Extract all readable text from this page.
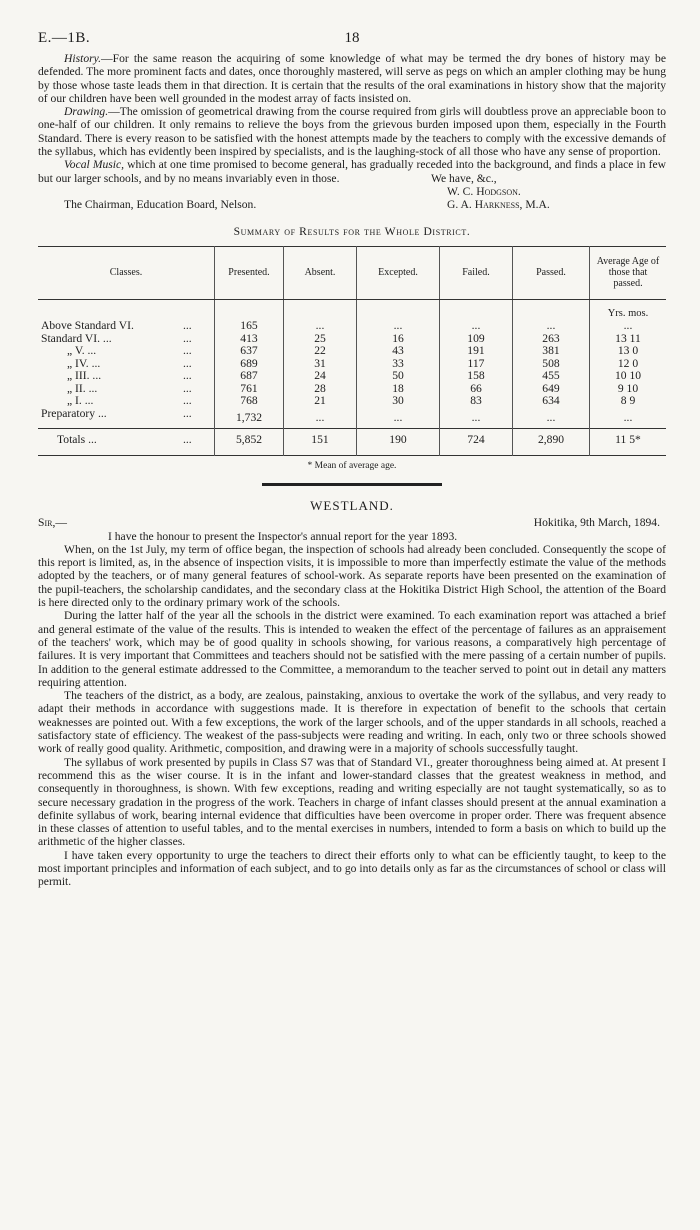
E.—1B.	18

History.—For the same reason the acquiring of some knowledge of what may be termed the dry bones of history may be defended. The more prominent facts and dates, once thoroughly mastered, will serve as pegs on which an ampler clothing may be hung by those whose taste leads them in that direction. It is certain that the results of the oral examinations in history show that the majority of our children have been well grounded in the modest array of facts insisted on.

Drawing.—The omission of geometrical drawing from the course required from girls will doubtless prove an appreciable boon to one-half of our children. It only remains to relieve the boys from the grievous burden imposed upon them, especially in the Fourth Standard. There is every reason to be satisfied with the honest attempts made by the teachers to comply with the excessive demands of the syllabus, which has evidently been inspired by specialists, and is the laughing-stock of all those who have any sense of proportion.

Vocal Music, which at one time promised to become general, has gradually receded into the background, and finds a place in few but our larger schools, and by no means invariably even in those.	We have, &c.,
W. C. Hodgson.
The Chairman, Education Board, Nelson.	G. A. Harkness, M.A.
Summary of Results for the Whole District.
Classes.	Presented.	Absent.	Excepted.	Failed.	Passed.	Average Age of those that passed.

						Yrs. mos.
Above Standard VI. ...	165	...	...	...	...	...
Standard VI. ... ...	413	25	16	109	263	13 11
„ V. ... ...	637	22	43	191	381	13 0
„ IV. ... ...	689	31	33	117	508	12 0
„ III. ... ...	687	24	50	158	455	10 10
„ II. ... ...	761	28	18	66	649	9 10
„ I. ... ...	768	21	30	83	634	8 9
Preparatory ... ...	1,732	...	...	...	...	...
Totals ... ...	5,852	151	190	724	2,890	11 5*
* Mean of average age.
WESTLAND.
Sir,—	Hokitika, 9th March, 1894.

I have the honour to present the Inspector's annual report for the year 1893.

When, on the 1st July, my term of office began, the inspection of schools had already been concluded. Consequently the scope of this report is limited, as, in the absence of inspection visits, it is impossible to more than imperfectly estimate the value of the methods adopted by the teachers, or of many general features of school-work. As separate reports have been presented on the examination of the pupil-teachers, the scholarship candidates, and the secondary class at the Hokitika District High School, the attention of the Board is here directed only to the ordinary primary work of the schools.

During the latter half of the year all the schools in the district were examined. To each examination report was attached a brief and general estimate of the value of the results. This is intended to weaken the effect of the percentage of failures as an appraisement of the teachers' work, which may be of good quality in schools showing, for various reasons, a comparatively high percentage of failures. It is very important that Committees and teachers should not be satisfied with the mere passing of a certain number of pupils. In addition to the general estimate addressed to the Committee, a memorandum to the teacher served to point out in detail any matters requiring attention.

The teachers of the district, as a body, are zealous, painstaking, anxious to overtake the work of the syllabus, and very ready to adapt their methods in accordance with suggestions made. It is therefore in expectation of benefit to the schools that certain weaknesses are pointed out. With a few exceptions, the work of the larger schools, and of the upper standards in all schools, reached a satisfactory state of efficiency. The weakest of the pass-subjects were reading and writing. In each, only two or three schools showed work of really good quality. Arithmetic, composition, and drawing were in a majority of schools successfully taught.

The syllabus of work presented by pupils in Class S7 was that of Standard VI., greater thoroughness being aimed at. At present I recommend this as the wiser course. It is in the infant and lower-standard classes that the greatest weakness in method, and consequently in thoroughness, is shown. With few exceptions, reading and writing especially are not taught systematically, so as to secure necessary gradation in the progress of the work. Teachers in charge of infant classes should present at the annual examination a definite syllabus of work, bearing internal evidence that difficulties have been overcome in proper order. There was frequent absence in these classes of attention to useful tables, and to the mental exercises in numbers, intended to form a basis on which to build up the arithmetic of the higher classes.

I have taken every opportunity to urge the teachers to direct their efforts only to what can be efficiently taught, to keep to the most important principles and information of each subject, and to go into details only as far as the circumstances of school or class will permit.
